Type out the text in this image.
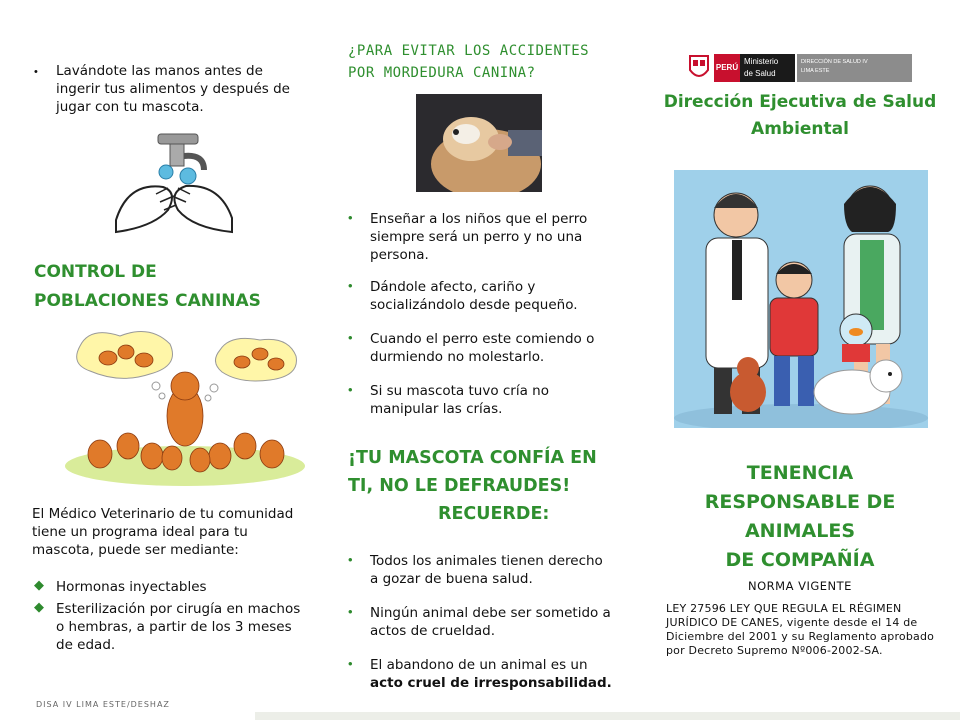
• Lavándote las manos antes de
ingerir tus alimentos y después de
jugar con tu mascota.
CONTROL DE
POBLACIONES CANINAS
El Médico Veterinario de tu comunidad
tiene un programa ideal para tu
mascota, puede ser mediante:
◆ Hormonas inyectables
◆ Esterilización por cirugía en machos
o hembras, a partir de los 3 meses
de edad.
DISA IV LIMA ESTE/DESHAZ
¿PARA EVITAR LOS ACCIDENTES
POR MORDEDURA CANINA?
• Enseñar a los niños que el perro
siempre será un perro y no una
persona.
• Dándole afecto, cariño y
socializándolo desde pequeño.
• Cuando el perro este comiendo o
durmiendo no molestarlo.
• Si su mascota tuvo cría no
manipular las crías.
¡TU MASCOTA CONFÍA EN
TI, NO LE DEFRAUDES!
RECUERDE:
• Todos los animales tienen derecho
a gozar de buena salud.
• Ningún animal debe ser sometido a
actos de crueldad.
• El abandono de un animal es un
acto cruel de irresponsabilidad.
PERÚ
Ministerio
de Salud
DIRECCIÓN DE SALUD IV
LIMA ESTE
Dirección Ejecutiva de Salud
Ambiental
TENENCIA
RESPONSABLE DE
ANIMALES
DE COMPAÑÍA
NORMA VIGENTE
LEY 27596 LEY QUE REGULA EL RÉGIMEN
JURÍDICO DE CANES, vigente desde el 14 de
Diciembre del 2001 y su Reglamento aprobado
por Decreto Supremo Nº006-2002-SA.
